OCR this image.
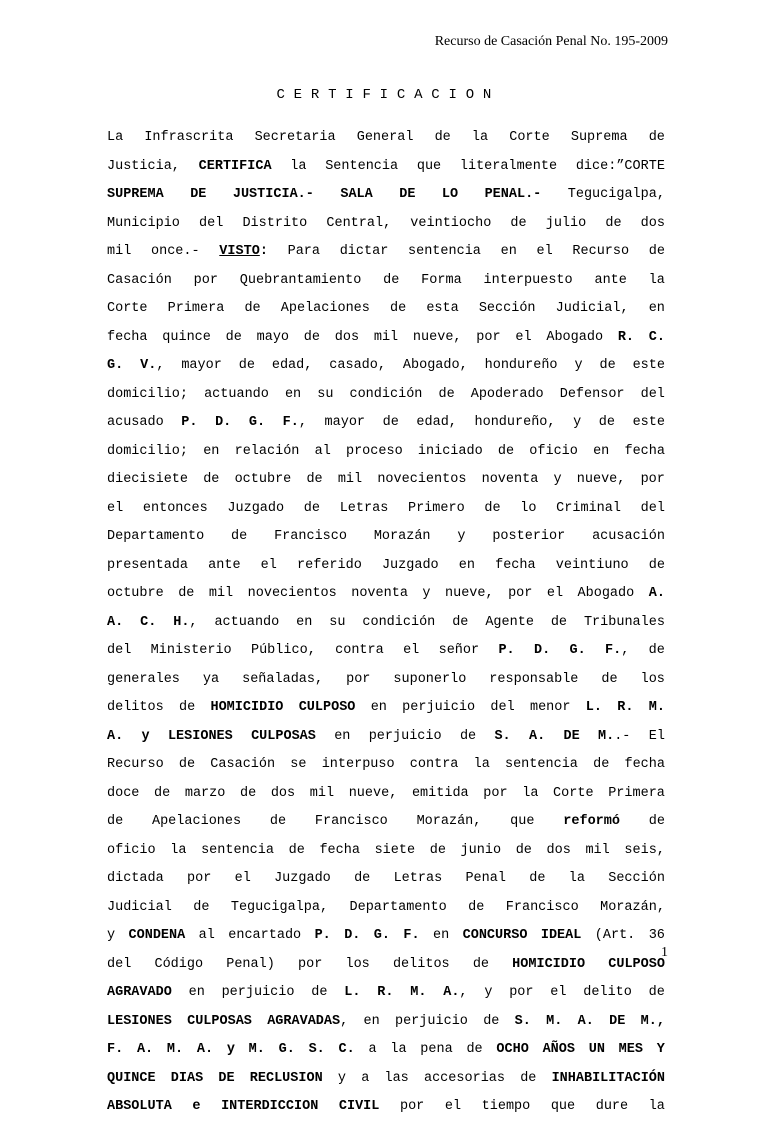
Recurso de Casación Penal No. 195-2009
C E R T I F I C A C I O N
La Infrascrita Secretaria General de la Corte Suprema de
Justicia, CERTIFICA la Sentencia que literalmente dice:”CORTE
SUPREMA DE JUSTICIA.- SALA DE LO PENAL.- Tegucigalpa,
Municipio del Distrito Central, veintiocho de julio de dos
mil once.- VISTO: Para dictar sentencia en el Recurso de
Casación por Quebrantamiento de Forma interpuesto ante la
Corte Primera de Apelaciones de esta Sección Judicial, en
fecha quince de mayo de dos mil nueve, por el Abogado R. C.
G. V., mayor de edad, casado, Abogado, hondureño y de este
domicilio; actuando en su condición de Apoderado Defensor del
acusado P. D. G. F., mayor de edad, hondureño, y de este
domicilio; en relación al proceso iniciado de oficio en fecha
diecisiete de octubre de mil novecientos noventa y nueve, por
el entonces Juzgado de Letras Primero de lo Criminal del
Departamento de Francisco Morazán y posterior acusación
presentada ante el referido Juzgado en fecha veintiuno de
octubre de mil novecientos noventa y nueve, por el Abogado A.
A. C. H., actuando en su condición de Agente de Tribunales
del Ministerio Público, contra el señor P. D. G. F., de
generales ya señaladas, por suponerlo responsable de los
delitos de HOMICIDIO CULPOSO en perjuicio del menor L. R. M.
A. y LESIONES CULPOSAS en perjuicio de S. A. DE M..- El
Recurso de Casación se interpuso contra la sentencia de fecha
doce de marzo de dos mil nueve, emitida por la Corte Primera
de Apelaciones de Francisco Morazán, que reformó de
oficio la sentencia de fecha siete de junio de dos mil seis,
dictada por el Juzgado de Letras Penal de la Sección
Judicial de Tegucigalpa, Departamento de Francisco Morazán,
y CONDENA al encartado P. D. G. F. en CONCURSO IDEAL (Art. 36
del Código Penal) por los delitos de HOMICIDIO CULPOSO
AGRAVADO en perjuicio de L. R. M. A., y por el delito de
LESIONES CULPOSAS AGRAVADAS, en perjuicio de S. M. A. DE M.,
F. A. M. A. y M. G. S. C. a la pena de OCHO AÑOS UN MES Y
QUINCE DIAS DE RECLUSION y a las accesorias de INHABILITACIÓN
ABSOLUTA e INTERDICCION CIVIL por el tiempo que dure la
1
